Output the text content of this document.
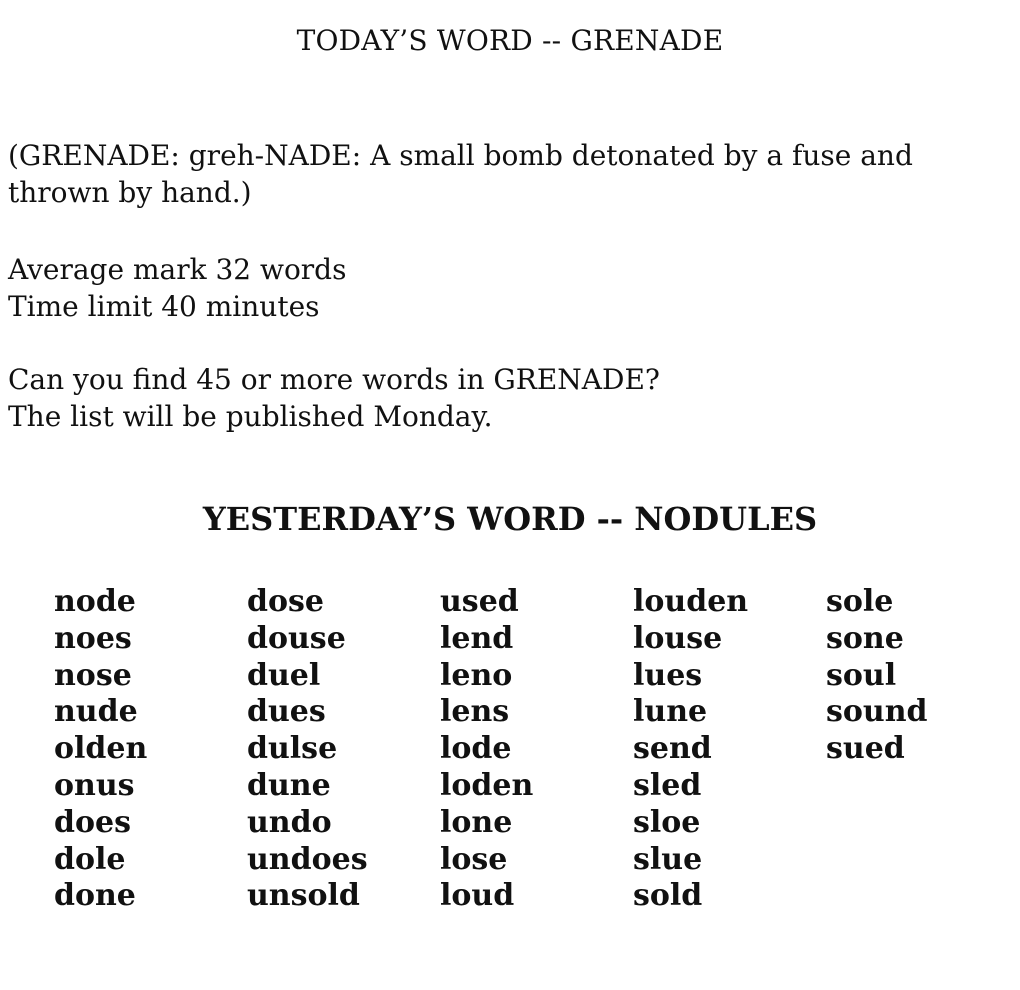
TODAY’S WORD -- GRENADE
(GRENADE: greh-NADE: A small bomb detonated by a fuse and thrown by hand.)
Average mark 32 words
Time limit 40 minutes
Can you find 45 or more words in GRENADE?
The list will be published Monday.
YESTERDAY’S WORD -- NODULES
node
noes
nose
nude
olden
onus
does
dole
done
dose
douse
duel
dues
dulse
dune
undo
undoes
unsold
used
lend
leno
lens
lode
loden
lone
lose
loud
louden
louse
lues
lune
send
sled
sloe
slue
sold
sole
sone
soul
sound
sued
